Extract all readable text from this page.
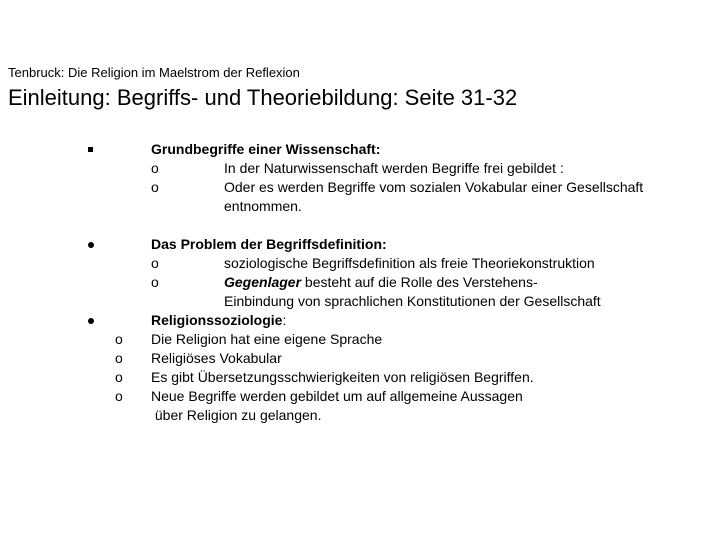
Tenbruck: Die Religion im Maelstrom der Reflexion
Einleitung: Begriffs- und Theoriebildung: Seite 31-32
Grundbegriffe einer Wissenschaft:
o	In der Naturwissenschaft werden Begriffe frei gebildet :
o	Oder es werden Begriffe vom sozialen Vokabular einer Gesellschaft
entnommen.
Das Problem der Begriffsdefinition:
o	soziologische Begriffsdefinition als freie Theoriekonstruktion
o	Gegenlager besteht auf die Rolle des Verstehens-
Einbindung von sprachlichen Konstitutionen der Gesellschaft
Religionssoziologie:
o Die Religion hat eine eigene Sprache
o Religiöses Vokabular
o Es gibt Übersetzungsschwierigkeiten von religiösen Begriffen.
o Neue Begriffe werden gebildet um auf allgemeine Aussagen
über Religion zu gelangen.
